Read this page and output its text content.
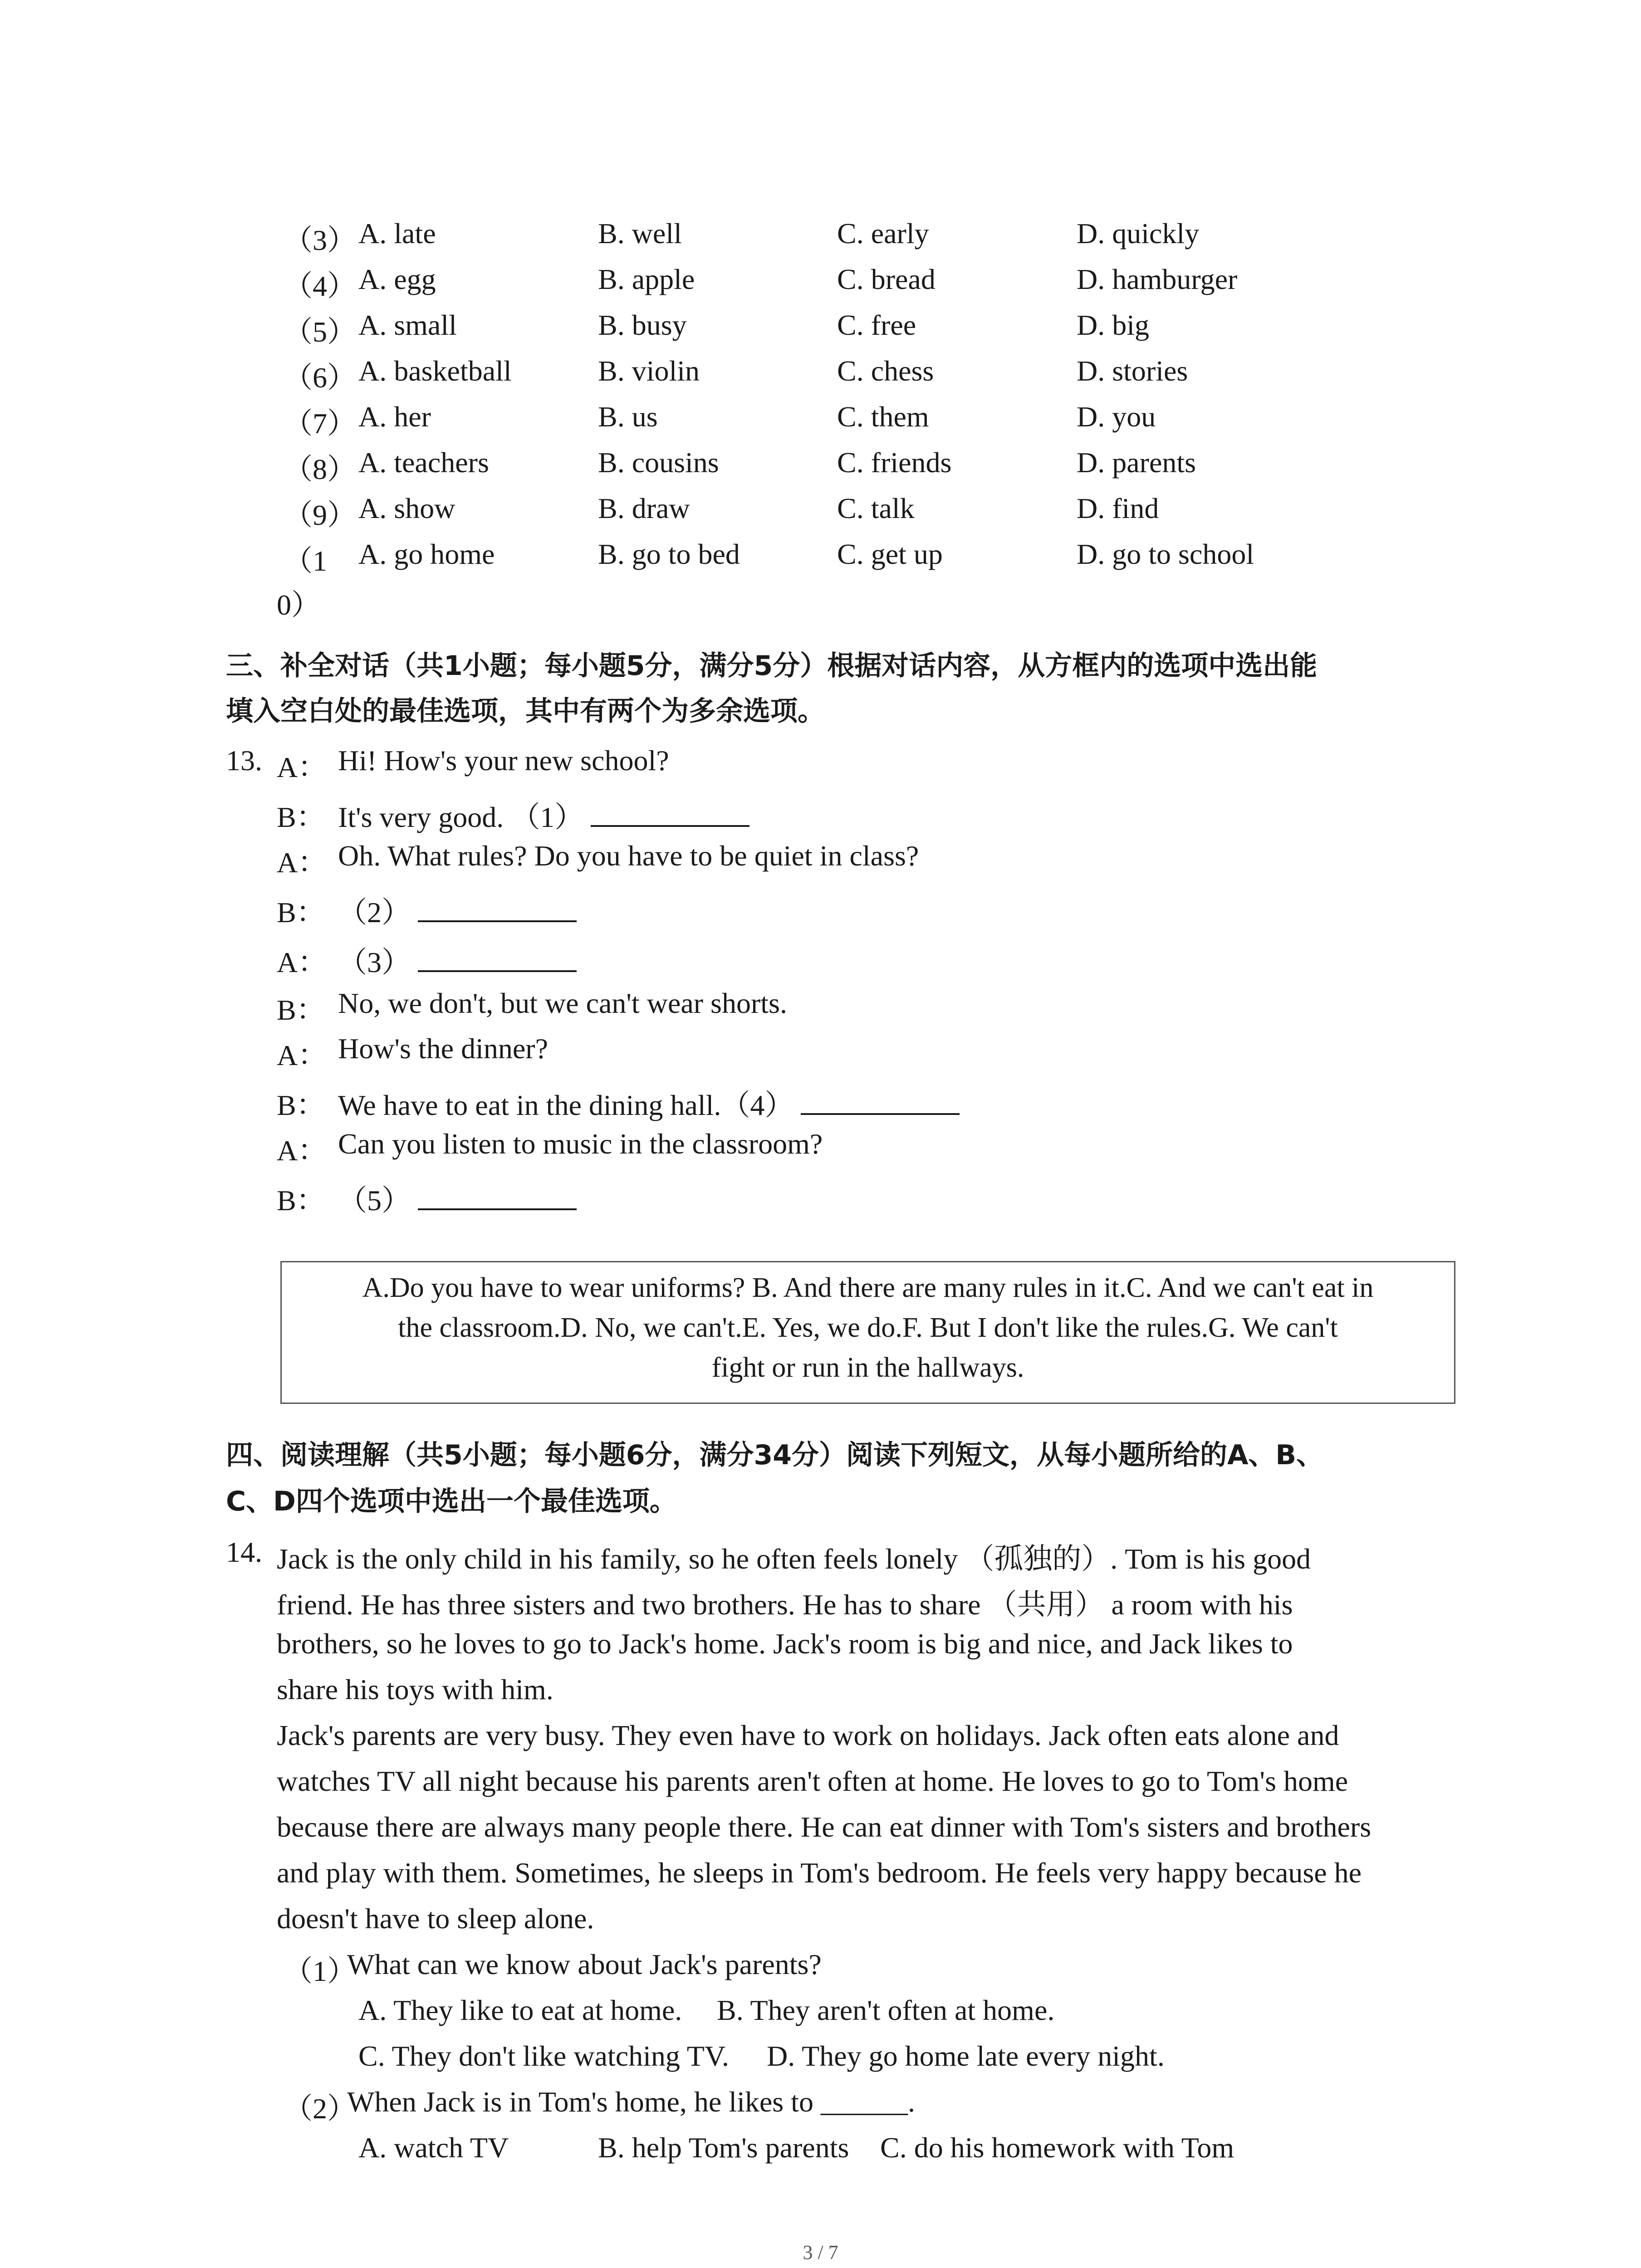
（3） A. late	B. well	C. early	D. quickly
（4） A. egg	B. apple	C. bread	D. hamburger
（5） A. small	B. busy	C. free	D. big
（6） A. basketball	B. violin	C. chess	D. stories
（7） A. her	B. us	C. them	D. you
（8） A. teachers	B. cousins	C. friends	D. parents
（9） A. show	B. draw	C. talk	D. find
（1 A. go home	B. go to bed	C. get up	D. go to school
0）
三、补全对话（共1小题；每小题5分，满分5分）根据对话内容，从方框内的选项中选出能
填入空白处的最佳选项，其中有两个为多余选项。
13. A： Hi! How's your new school?
B： It's very good. （1）
A： Oh. What rules? Do you have to be quiet in class?
B： （2）
A： （3）
B： No, we don't, but we can't wear shorts.
A： How's the dinner?
B： We have to eat in the dining hall.（4）
A： Can you listen to music in the classroom?
B： （5）
A.Do you have to wear uniforms? B. And there are many rules in it.C. And we can't eat in
the classroom.D. No, we can't.E. Yes, we do.F. But I don't like the rules.G. We can't
fight or run in the hallways.
四、阅读理解（共5小题；每小题6分，满分34分）阅读下列短文，从每小题所给的A、B、
C、D四个选项中选出一个最佳选项。
14. Jack is the only child in his family, so he often feels lonely （孤独的）. Tom is his good
friend. He has three sisters and two brothers. He has to share （共用） a room with his
brothers, so he loves to go to Jack's home. Jack's room is big and nice, and Jack likes to
share his toys with him.
Jack's parents are very busy. They even have to work on holidays. Jack often eats alone and
watches TV all night because his parents aren't often at home. He loves to go to Tom's home
because there are always many people there. He can eat dinner with Tom's sisters and brothers
and play with them. Sometimes, he sleeps in Tom's bedroom. He feels very happy because he
doesn't have to sleep alone.
（1）
What can we know about Jack's parents?
A. They like to eat at home. B. They aren't often at home.
C. They don't like watching TV. D. They go home late every night.
（2）
When Jack is in Tom's home, he likes to ______.
A. watch TV	B. help Tom's parents C. do his homework with Tom
3 / 7
